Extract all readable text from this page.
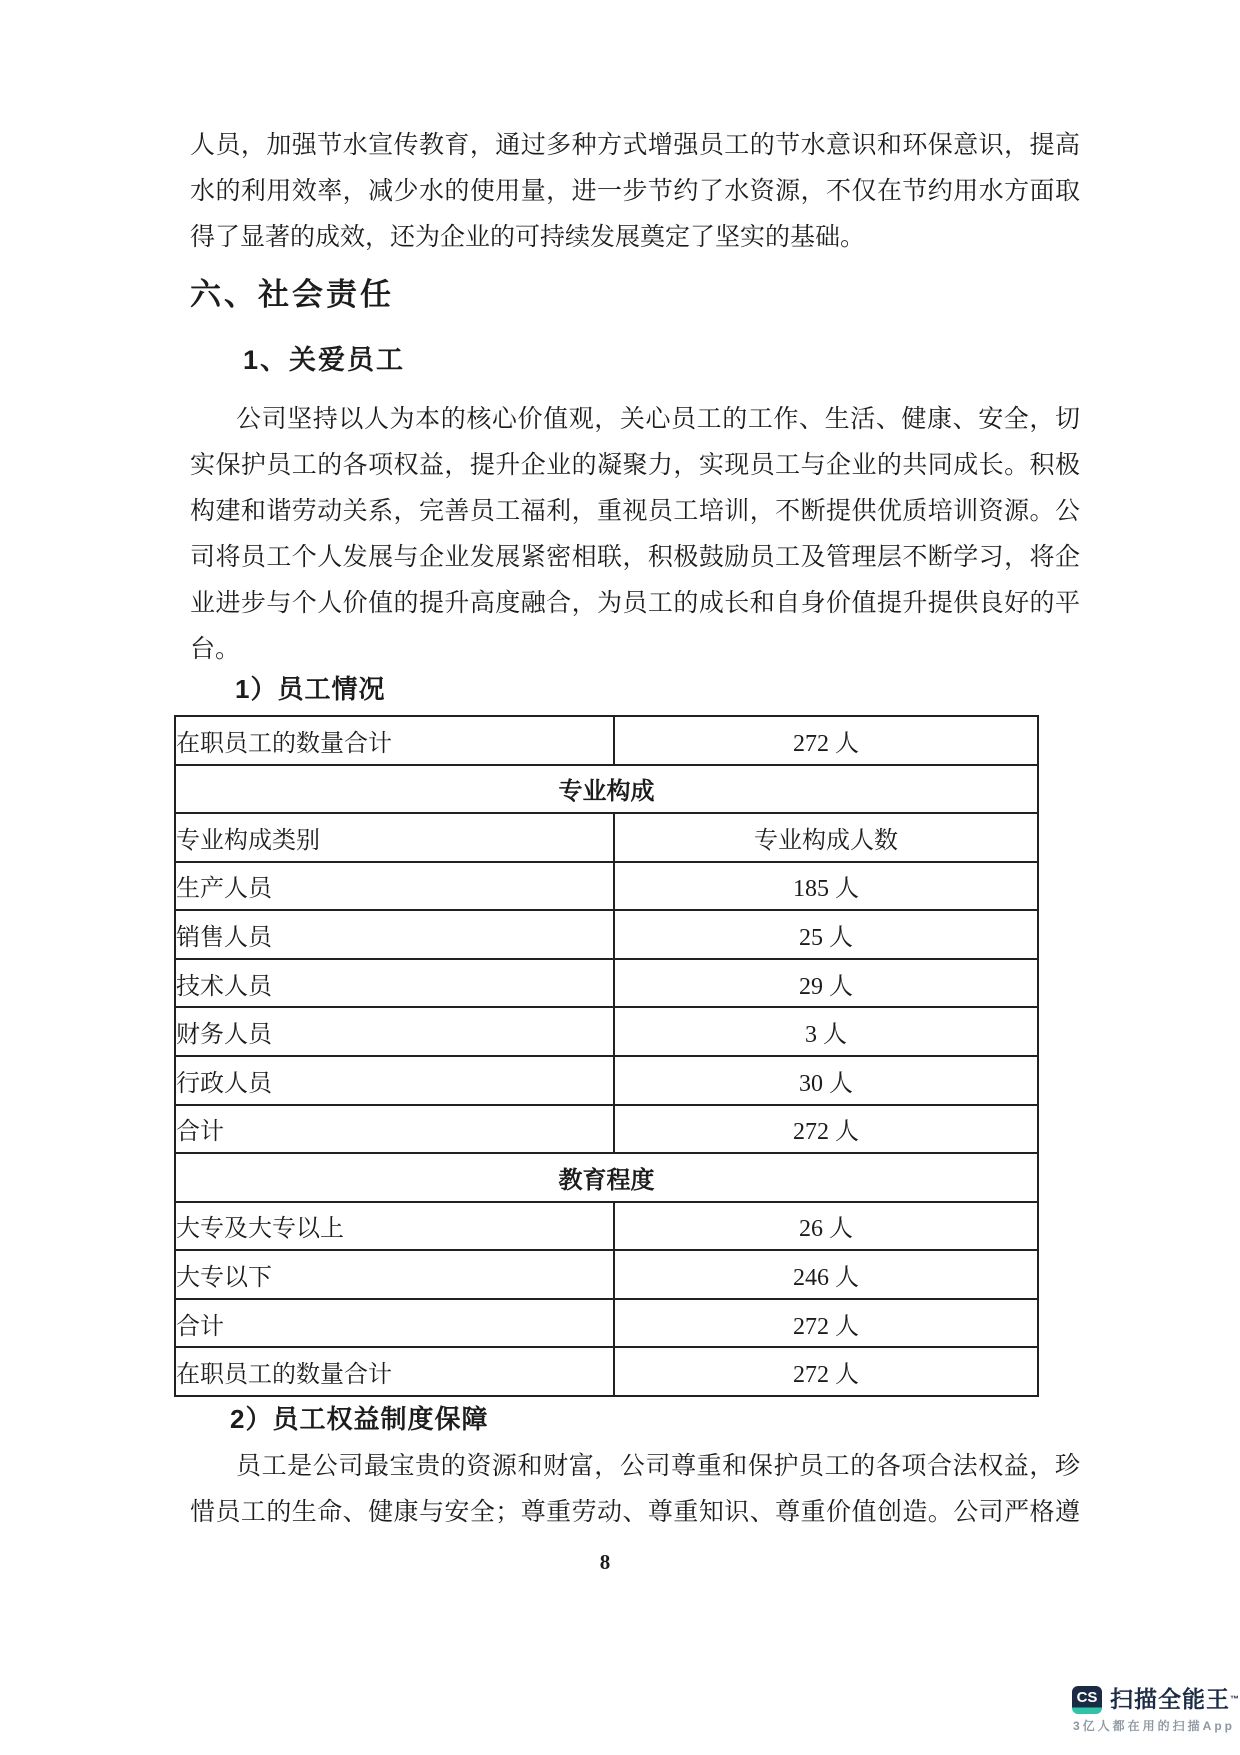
人员，加强节水宣传教育，通过多种方式增强员工的节水意识和环保意识，提高
水的利用效率，减少水的使用量，进一步节约了水资源，不仅在节约用水方面取
得了显著的成效，还为企业的可持续发展奠定了坚实的基础。
六、社会责任
1、关爱员工
公司坚持以人为本的核心价值观，关心员工的工作、生活、健康、安全，切
实保护员工的各项权益，提升企业的凝聚力，实现员工与企业的共同成长。积极
构建和谐劳动关系，完善员工福利，重视员工培训，不断提供优质培训资源。公
司将员工个人发展与企业发展紧密相联，积极鼓励员工及管理层不断学习，将企
业进步与个人价值的提升高度融合，为员工的成长和自身价值提升提供良好的平
台。
1）员工情况
在职员工的数量合计	272 人
专业构成	
专业构成类别	专业构成人数
生产人员	185 人
销售人员	25 人
技术人员	29 人
财务人员	3 人
行政人员	30 人
合计	272 人
教育程度	
大专及大专以上	26 人
大专以下	246 人
合计	272 人
在职员工的数量合计	272 人
2）员工权益制度保障
员工是公司最宝贵的资源和财富，公司尊重和保护员工的各项合法权益，珍
惜员工的生命、健康与安全；尊重劳动、尊重知识、尊重价值创造。公司严格遵
8
CS 扫描全能王™
3亿人都在用的扫描App
